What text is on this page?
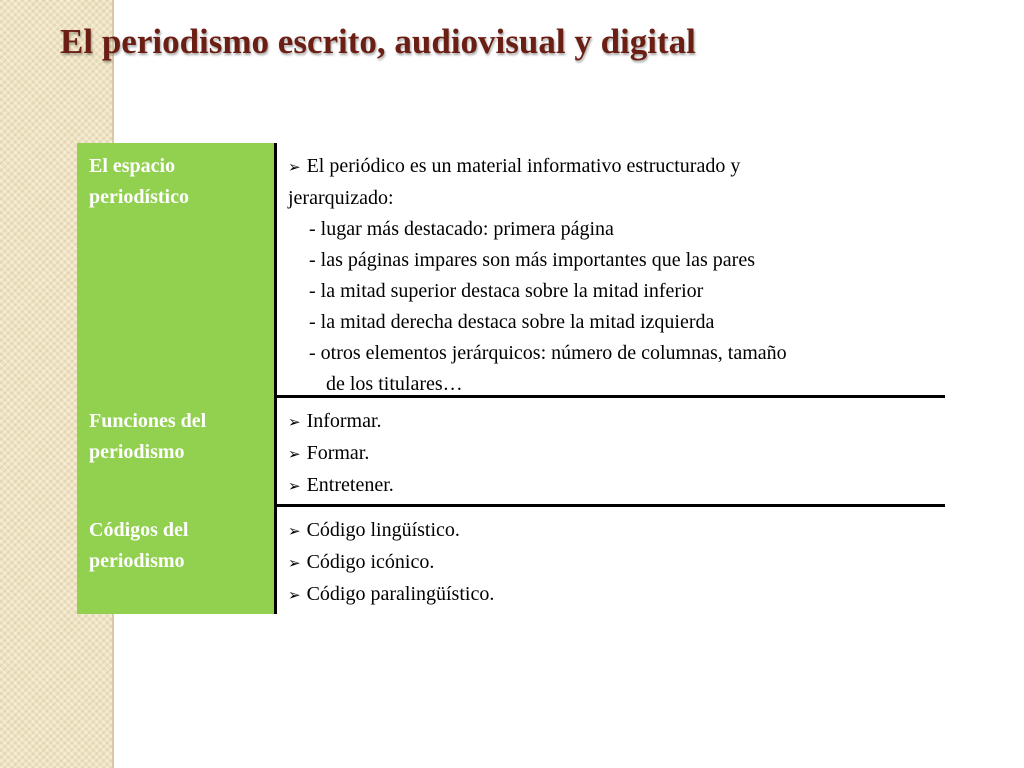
El periodismo escrito, audiovisual y digital
El espacio
periodístico
➢ El periódico es un material informativo estructurado y
jerarquizado:
- lugar más destacado: primera página
- las páginas impares son más importantes que las pares
- la mitad superior destaca sobre la mitad inferior
- la mitad derecha destaca sobre la mitad izquierda
- otros elementos jerárquicos: número de columnas, tamaño
de los titulares…
Funciones del
periodismo
➢ Informar.
➢ Formar.
➢ Entretener.
Códigos del
periodismo
➢ Código lingüístico.
➢ Código icónico.
➢ Código paralingüístico.
